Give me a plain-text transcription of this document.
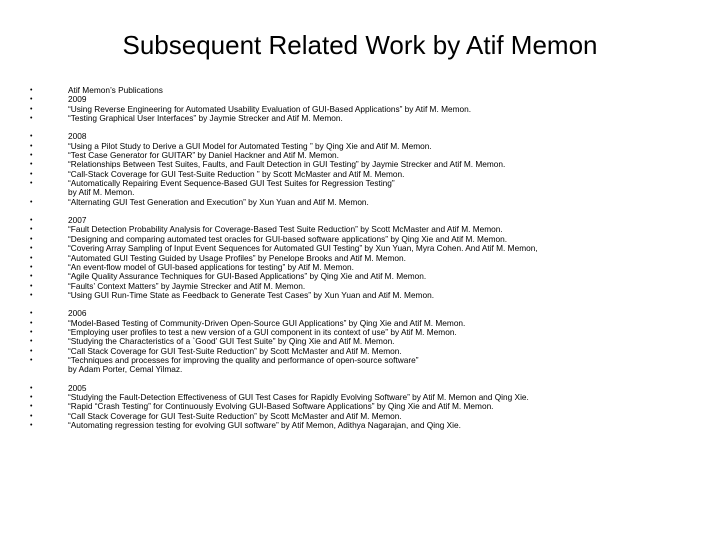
Subsequent Related Work by Atif Memon
• Atif Memon’s Publications
• 2009
• “Using Reverse Engineering for Automated Usability Evaluation of GUI-Based Applications” by Atif M. Memon.
• “Testing Graphical User Interfaces” by Jaymie Strecker and Atif M. Memon.
• 2008
• “Using a Pilot Study to Derive a GUI Model for Automated Testing ” by Qing Xie and Atif M. Memon.
• “Test Case Generator for GUITAR” by Daniel Hackner and Atif M. Memon.
• “Relationships Between Test Suites, Faults, and Fault Detection in GUI Testing” by Jaymie Strecker and Atif M. Memon.
• “Call-Stack Coverage for GUI Test-Suite Reduction ” by Scott McMaster and Atif M. Memon.
• “Automatically Repairing Event Sequence-Based GUI Test Suites for Regression Testing”
by Atif M. Memon.
• “Alternating GUI Test Generation and Execution” by Xun Yuan and Atif M. Memon.
• 2007
• “Fault Detection Probability Analysis for Coverage-Based Test Suite Reduction” by Scott McMaster and Atif M. Memon.
• “Designing and comparing automated test oracles for GUI-based software applications” by Qing Xie and Atif M. Memon.
• “Covering Array Sampling of Input Event Sequences for Automated GUI Testing” by Xun Yuan, Myra Cohen. And Atif M. Memon,
• “Automated GUI Testing Guided by Usage Profiles” by Penelope Brooks and Atif M. Memon.
• “An event-flow model of GUI-based applications for testing” by Atif M. Memon.
• “Agile Quality Assurance Techniques for GUI-Based Applications” by Qing Xie and Atif M. Memon.
• “Faults’ Context Matters” by Jaymie Strecker and Atif M. Memon.
• “Using GUI Run-Time State as Feedback to Generate Test Cases” by Xun Yuan and Atif M. Memon.
• 2006
• “Model-Based Testing of Community-Driven Open-Source GUI Applications” by Qing Xie and Atif M. Memon.
• “Employing user profiles to test a new version of a GUI component in its context of use” by Atif M. Memon.
• “Studying the Characteristics of a `Good’ GUI Test Suite” by Qing Xie and Atif M. Memon.
• “Call Stack Coverage for GUI Test-Suite Reduction” by Scott McMaster and Atif M. Memon.
• “Techniques and processes for improving the quality and performance of open-source software”
by Adam Porter, Cemal Yilmaz.
• 2005
• “Studying the Fault-Detection Effectiveness of GUI Test Cases for Rapidly Evolving Software” by Atif M. Memon and Qing Xie.
• “Rapid “Crash Testing” for Continuously Evolving GUI-Based Software Applications” by Qing Xie and Atif M. Memon.
• “Call Stack Coverage for GUI Test-Suite Reduction” by Scott McMaster and Atif M. Memon.
• “Automating regression testing for evolving GUI software” by Atif Memon, Adithya Nagarajan, and Qing Xie.
